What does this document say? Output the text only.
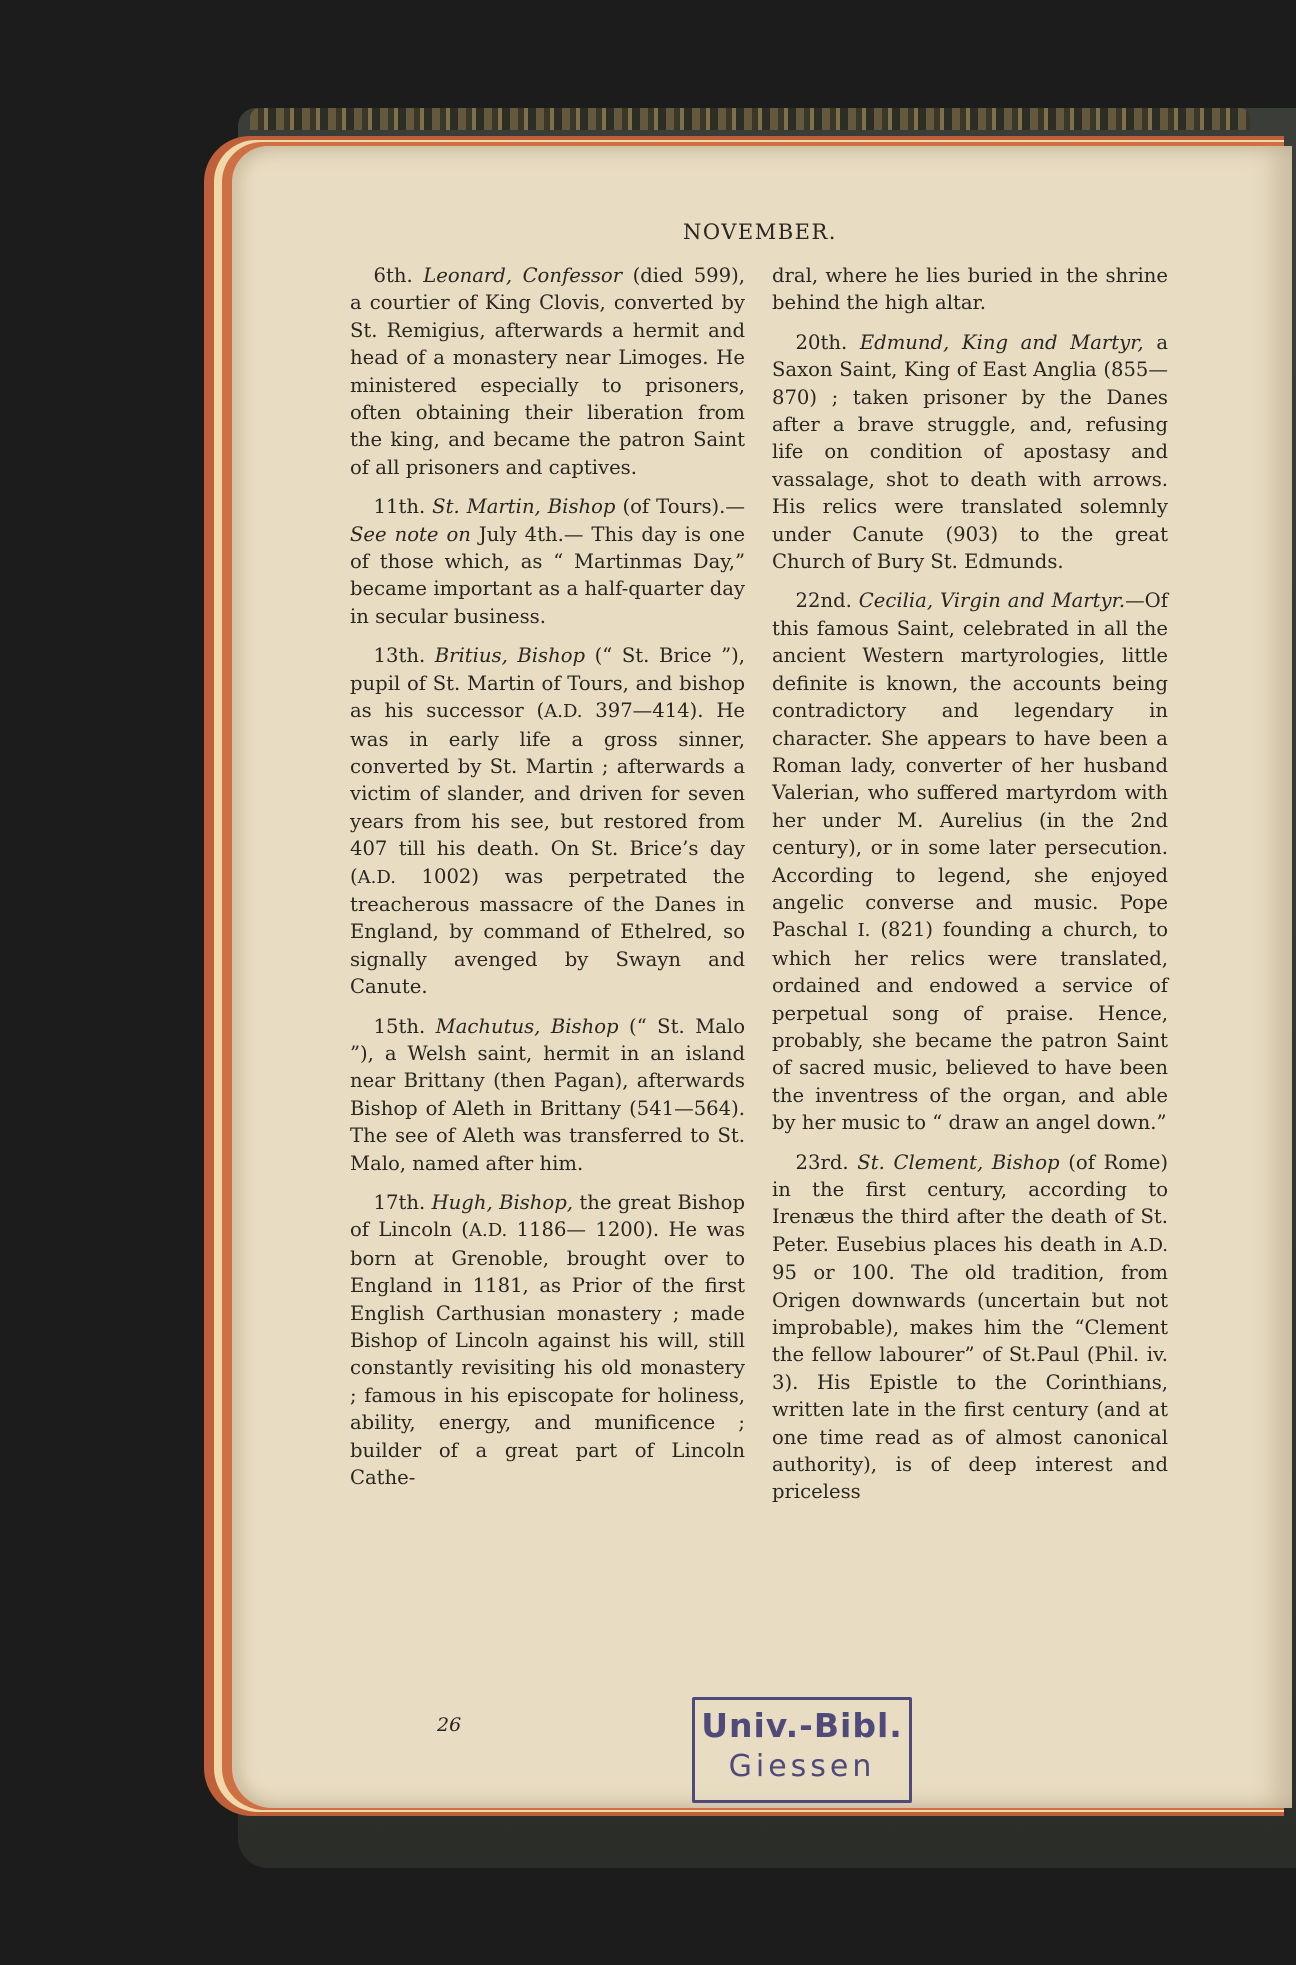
NOVEMBER.

6th. Leonard, Confessor (died 599), a courtier of King Clovis, converted by St. Remigius, afterwards a hermit and head of a monastery near Limoges. He ministered especially to prisoners, often obtaining their liberation from the king, and became the patron Saint of all prisoners and captives.

11th. St. Martin, Bishop (of Tours).—See note on July 4th.— This day is one of those which, as “ Martinmas Day,” became important as a half-quarter day in secular business.

13th. Britius, Bishop (“ St. Brice ”), pupil of St. Martin of Tours, and bishop as his successor (A.D. 397—414). He was in early life a gross sinner, converted by St. Martin ; afterwards a victim of slander, and driven for seven years from his see, but restored from 407 till his death. On St. Brice’s day (A.D. 1002) was perpetrated the treacherous massacre of the Danes in England, by command of Ethelred, so signally avenged by Swayn and Canute.

15th. Machutus, Bishop (“ St. Malo ”), a Welsh saint, hermit in an island near Brittany (then Pagan), afterwards Bishop of Aleth in Brittany (541—564). The see of Aleth was transferred to St. Malo, named after him.

17th. Hugh, Bishop, the great Bishop of Lincoln (A.D. 1186— 1200). He was born at Grenoble, brought over to England in 1181, as Prior of the first English Carthusian monastery ; made Bishop of Lincoln against his will, still constantly revisiting his old monastery ; famous in his episcopate for holiness, ability, energy, and munificence ; builder of a great part of Lincoln Cathe-

dral, where he lies buried in the shrine behind the high altar.

20th. Edmund, King and Martyr, a Saxon Saint, King of East Anglia (855—870) ; taken prisoner by the Danes after a brave struggle, and, refusing life on condition of apostasy and vassalage, shot to death with arrows. His relics were translated solemnly under Canute (903) to the great Church of Bury St. Edmunds.

22nd. Cecilia, Virgin and Martyr.—Of this famous Saint, celebrated in all the ancient Western martyrologies, little definite is known, the accounts being contradictory and legendary in character. She appears to have been a Roman lady, converter of her husband Valerian, who suffered martyrdom with her under M. Aurelius (in the 2nd century), or in some later persecution. According to legend, she enjoyed angelic converse and music. Pope Paschal I. (821) founding a church, to which her relics were translated, ordained and endowed a service of perpetual song of praise. Hence, probably, she became the patron Saint of sacred music, believed to have been the inventress of the organ, and able by her music to “ draw an angel down.”

23rd. St. Clement, Bishop (of Rome) in the first century, according to Irenæus the third after the death of St. Peter. Eusebius places his death in A.D. 95 or 100. The old tradition, from Origen downwards (uncertain but not improbable), makes him the “Clement the fellow labourer” of St.Paul (Phil. iv. 3). His Epistle to the Corinthians, written late in the first century (and at one time read as of almost canonical authority), is of deep interest and priceless

26	Univ.-Bibl.
Giessen
